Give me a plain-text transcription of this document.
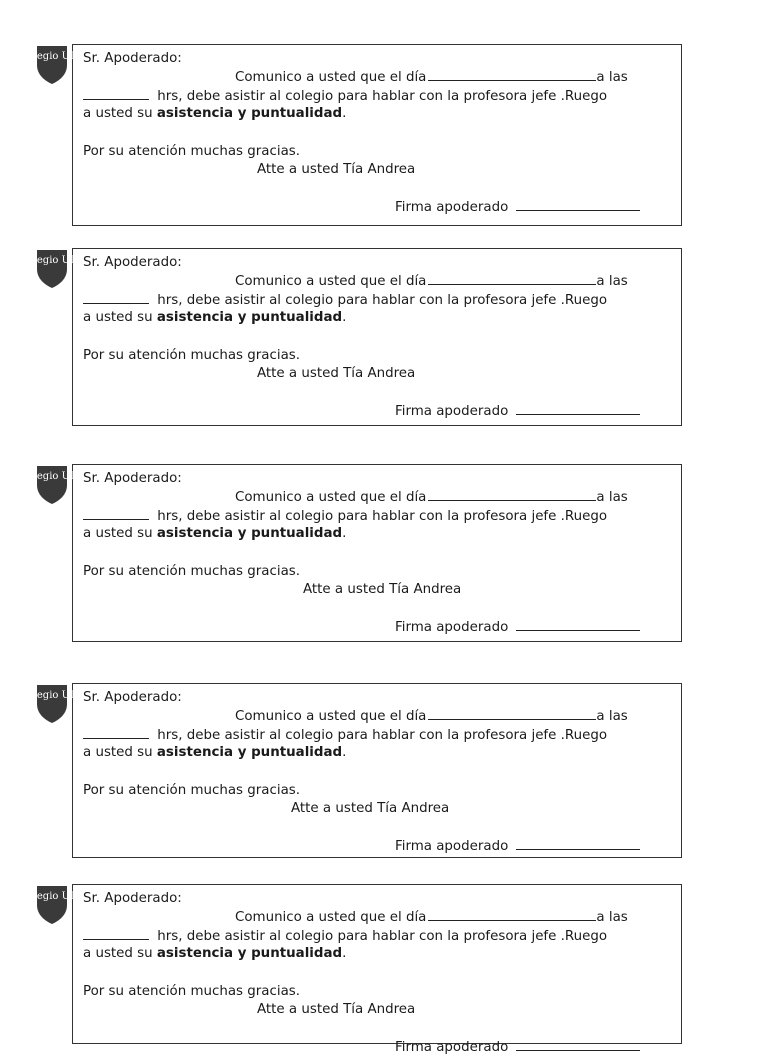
Colegio ULE Sr. Apoderado:
Comunico a usted que el día	a las
hrs, debe asistir al colegio para hablar con la profesora jefe .Ruego
a usted su asistencia y puntualidad.
Por su atención muchas gracias.
Atte a usted Tía Andrea
Firma apoderado
Colegio ULE Sr. Apoderado:
Comunico a usted que el día	a las
hrs, debe asistir al colegio para hablar con la profesora jefe .Ruego
a usted su asistencia y puntualidad.
Por su atención muchas gracias.
Atte a usted Tía Andrea
Firma apoderado
Colegio ULE Sr. Apoderado:
Comunico a usted que el día	a las
hrs, debe asistir al colegio para hablar con la profesora jefe .Ruego
a usted su asistencia y puntualidad.
Por su atención muchas gracias.
Atte a usted Tía Andrea
Firma apoderado
Colegio ULE Sr. Apoderado:
Comunico a usted que el día	a las
hrs, debe asistir al colegio para hablar con la profesora jefe .Ruego
a usted su asistencia y puntualidad.
Por su atención muchas gracias.
Atte a usted Tía Andrea
Firma apoderado
Colegio ULE Sr. Apoderado:
Comunico a usted que el día	a las
hrs, debe asistir al colegio para hablar con la profesora jefe .Ruego
a usted su asistencia y puntualidad.
Por su atención muchas gracias.
Atte a usted Tía Andrea
Firma apoderado
